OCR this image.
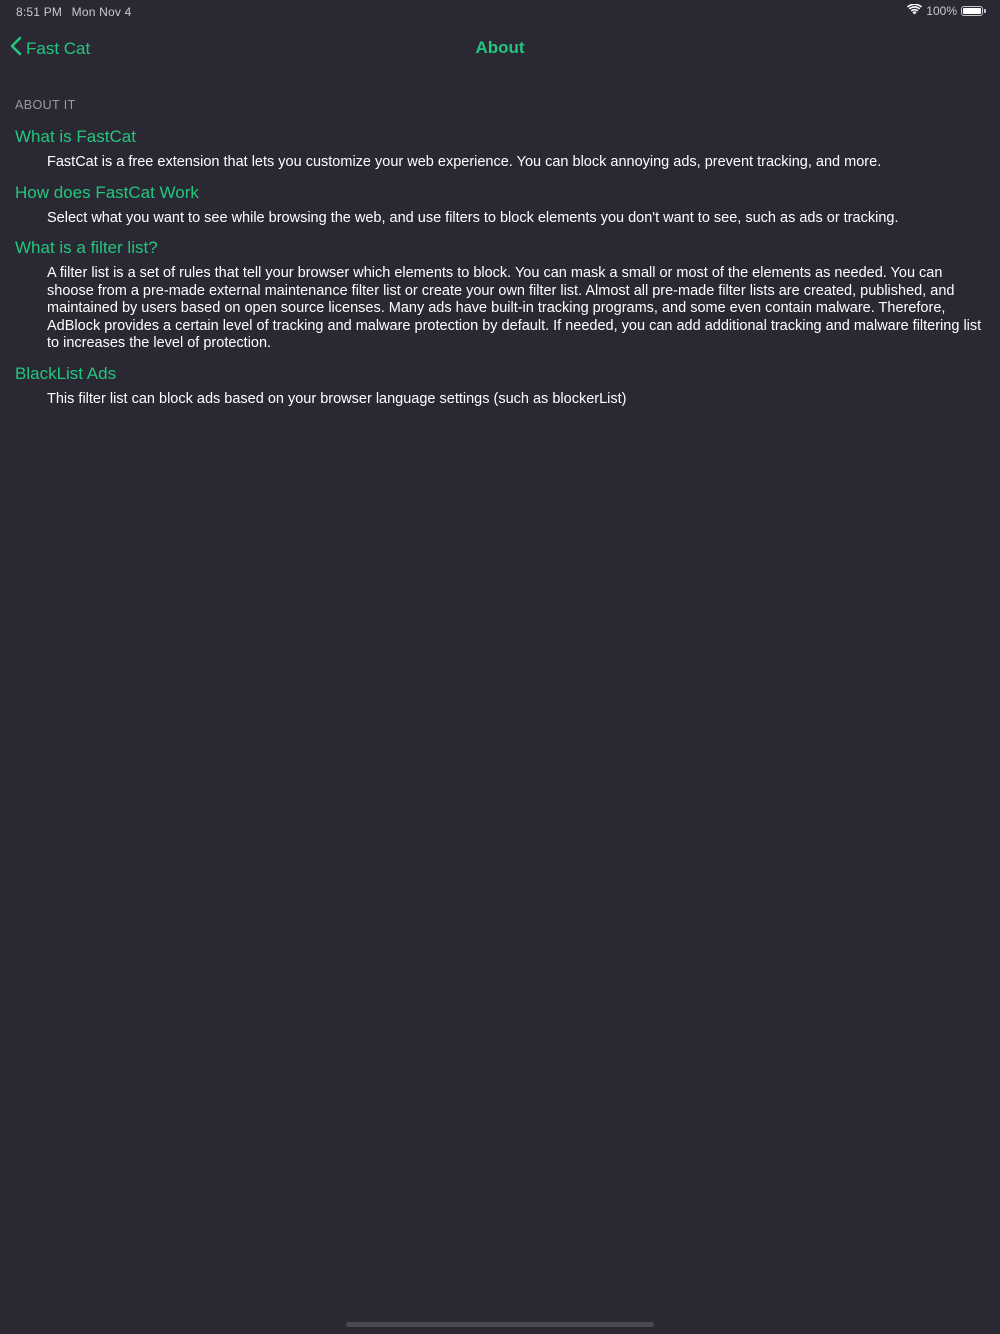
8:51 PM Mon Nov 4	100%
Fast Cat	About
ABOUT IT
What is FastCat
FastCat is a free extension that lets you customize your web experience. You can block annoying ads, prevent tracking, and more.
How does FastCat Work
Select what you want to see while browsing the web, and use filters to block elements you don't want to see, such as ads or tracking.
What is a filter list?
A filter list is a set of rules that tell your browser which elements to block. You can mask a small or most of the elements as needed. You can shoose from a pre-made external maintenance filter list or create your own filter list. Almost all pre-made filter lists are created, published, and maintained by users based on open source licenses. Many ads have built-in tracking programs, and some even contain malware. Therefore, AdBlock provides a certain level of tracking and malware protection by default. If needed, you can add additional tracking and malware filtering list to increases the level of protection.
BlackList Ads
This filter list can block ads based on your browser language settings (such as blockerList)
